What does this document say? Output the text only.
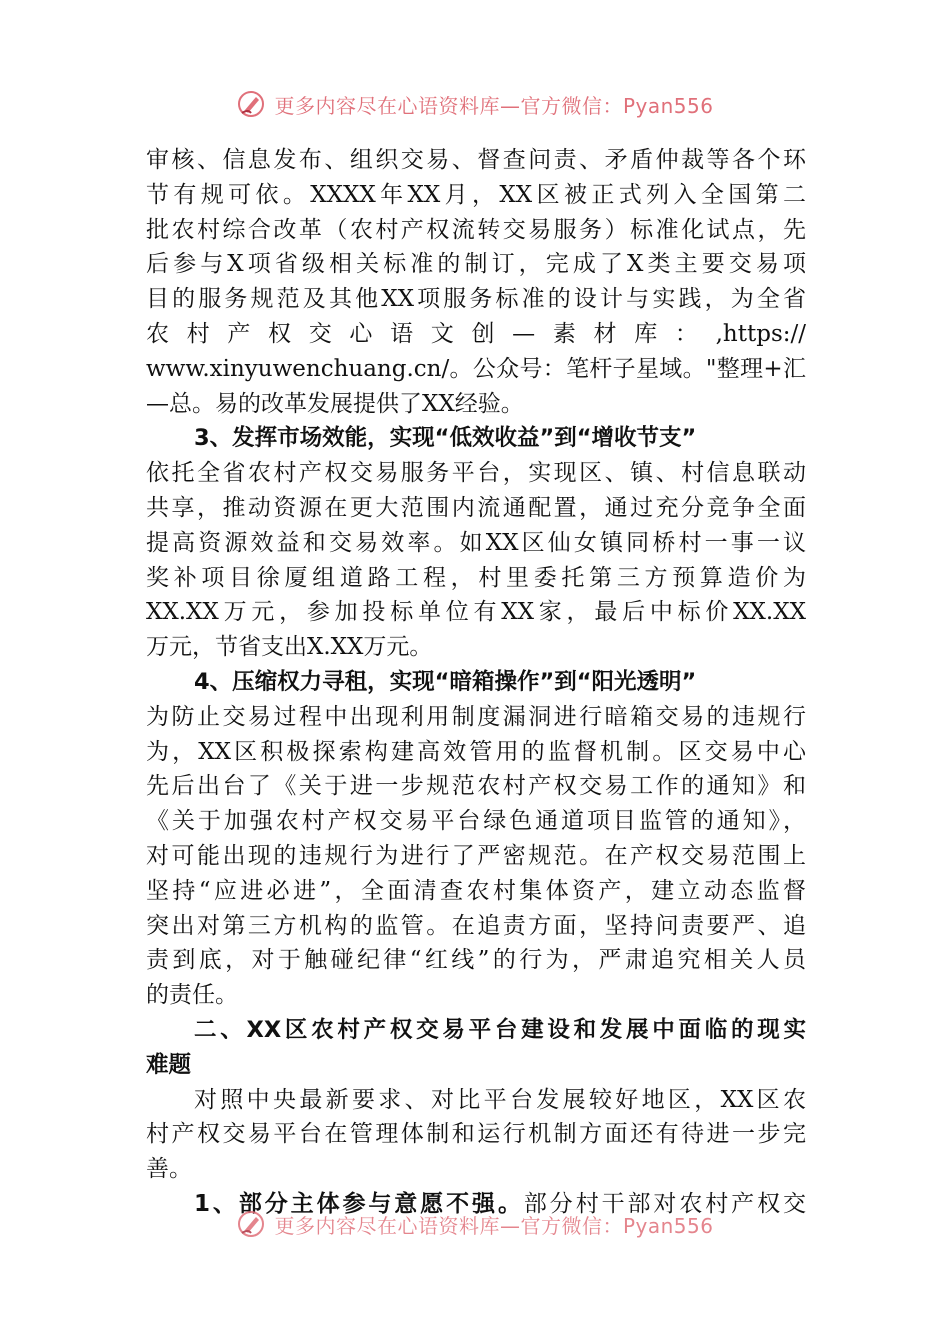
更多内容尽在心语资料库—官方微信：Pyan556
审核、信息发布、组织交易、督查问责、矛盾仲裁等各个环
节有规可依。XXXX年XX月，XX区被正式列入全国第二
批农村综合改革（农村产权流转交易服务）标准化试点，先
后参与X项省级相关标准的制订，完成了X类主要交易项
目的服务规范及其他XX项服务标准的设计与实践，为全省
农村产权交心语文创—素材库：,https://
www.xinyuwenchuang.cn/。公众号：笔杆子星域。"整理+汇
—总。易的改革发展提供了XX经验。
3、发挥市场效能，实现“低效收益”到“增收节支”
依托全省农村产权交易服务平台，实现区、镇、村信息联动
共享，推动资源在更大范围内流通配置，通过充分竞争全面
提高资源效益和交易效率。如XX区仙女镇同桥村一事一议
奖补项目徐厦组道路工程，村里委托第三方预算造价为
XX.XX万元，参加投标单位有XX家，最后中标价XX.XX
万元，节省支出X.XX万元。
4、压缩权力寻租，实现“暗箱操作”到“阳光透明”
为防止交易过程中出现利用制度漏洞进行暗箱交易的违规行
为，XX区积极探索构建高效管用的监督机制。区交易中心
先后出台了《关于进一步规范农村产权交易工作的通知》和
《关于加强农村产权交易平台绿色通道项目监管的通知》，
对可能出现的违规行为进行了严密规范。在产权交易范围上
坚持“应进必进”，全面清查农村集体资产，建立动态监督
突出对第三方机构的监管。在追责方面，坚持问责要严、追
责到底，对于触碰纪律“红线”的行为，严肃追究相关人员
的责任。
二、XX区农村产权交易平台建设和发展中面临的现实
难题
对照中央最新要求、对比平台发展较好地区，XX区农
村产权交易平台在管理体制和运行机制方面还有待进一步完
善。
1、部分主体参与意愿不强。部分村干部对农村产权交
更多内容尽在心语资料库—官方微信：Pyan556
